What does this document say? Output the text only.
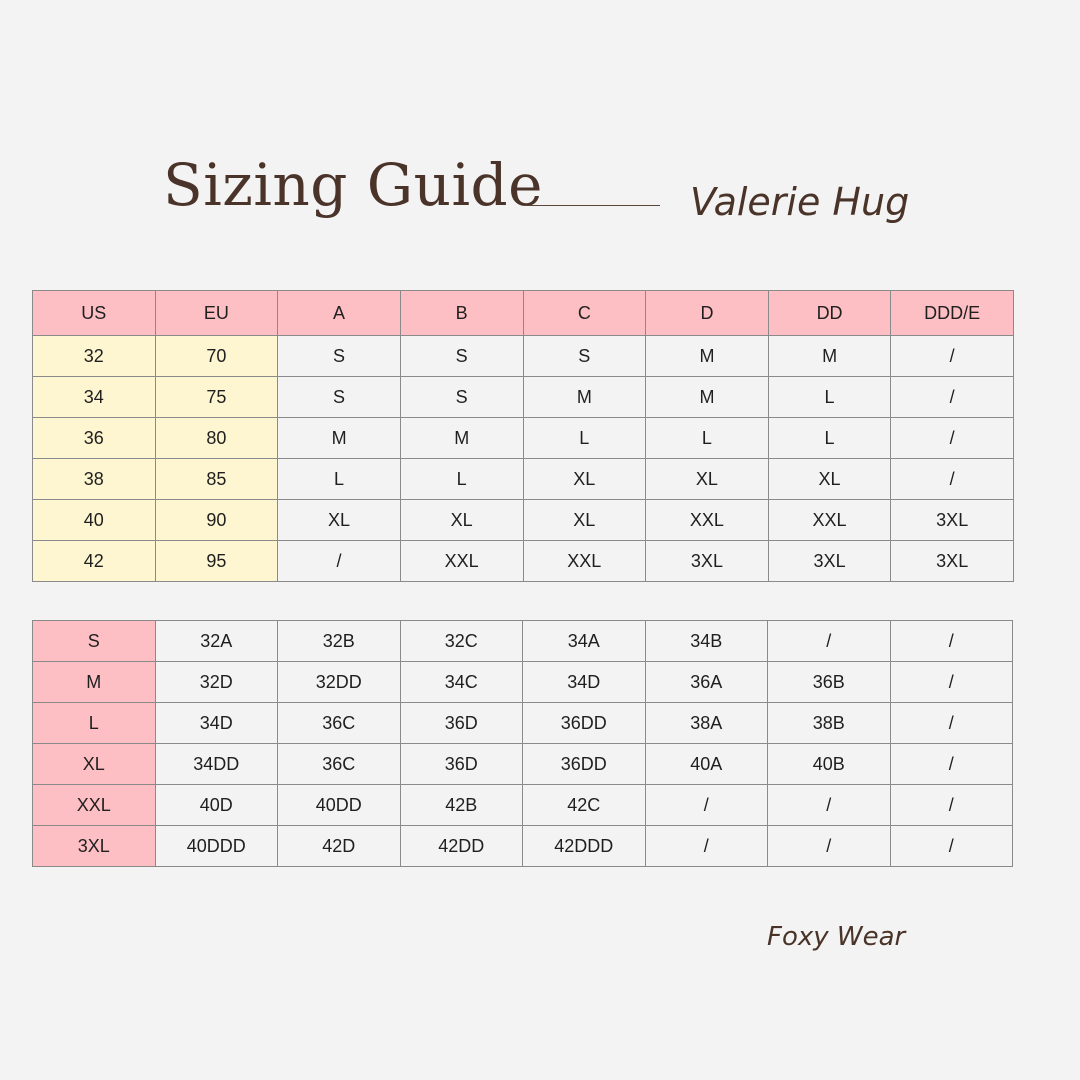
Sizing Guide	Valerie Hug
US	EU	A	B	C	D	DD	DDD/E
32	70	S	S	S	M	M	/
34	75	S	S	M	M	L	/
36	80	M	M	L	L	L	/
38	85	L	L	XL	XL	XL	/
40	90	XL	XL	XL	XXL	XXL	3XL
42	95	/	XXL	XXL	3XL	3XL	3XL
S	32A	32B	32C	34A	34B	/	/
M	32D	32DD	34C	34D	36A	36B	/
L	34D	36C	36D	36DD	38A	38B	/
XL	34DD	36C	36D	36DD	40A	40B	/
XXL	40D	40DD	42B	42C	/	/	/
3XL	40DDD	42D	42DD	42DDD	/	/	/
Foxy Wear
